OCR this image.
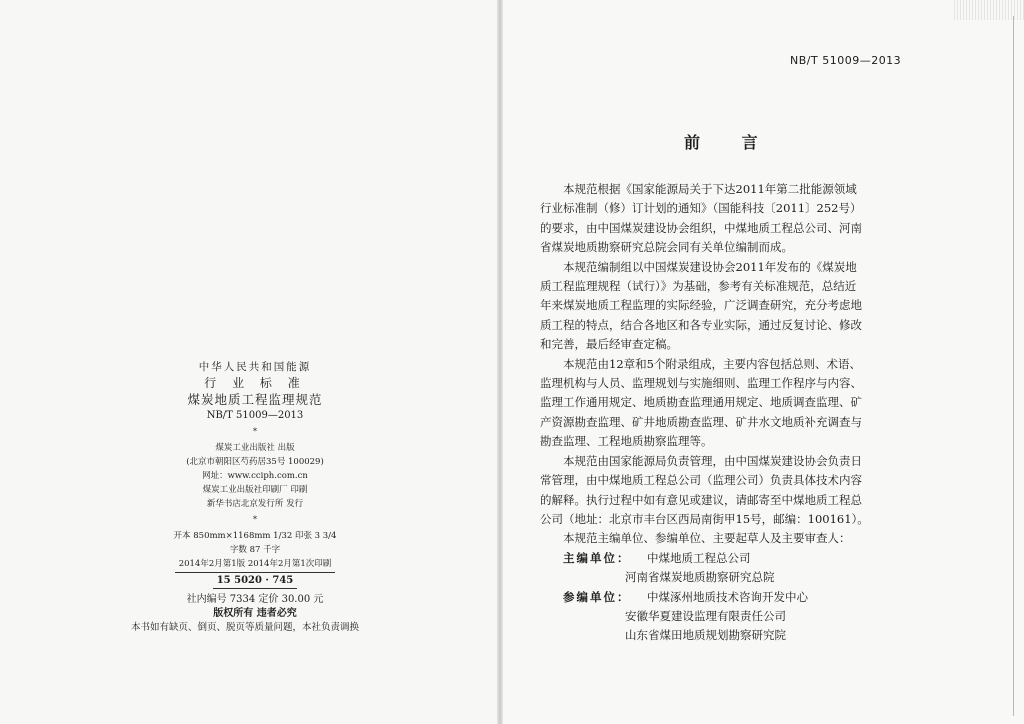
中华人民共和国能源
行 业 标 准
煤炭地质工程监理规范
NB/T 51009—2013
*
煤炭工业出版社 出版
(北京市朝阳区芍药居35号 100029)
网址：www.cciph.com.cn
煤炭工业出版社印刷厂 印刷
新华书店北京发行所 发行
*
开本 850mm×1168mm 1/32 印张 3 3/4
字数 87 千字
2014年2月第1版 2014年2月第1次印刷
15 5020 · 745
社内编号 7334 定价 30.00 元
版权所有 违者必究
本书如有缺页、倒页、脱页等质量问题，本社负责调换
NB/T 51009—2013
前 言
本规范根据《国家能源局关于下达2011年第二批能源领域
行业标准制（修）订计划的通知》（国能科技〔2011〕252号）
的要求，由中国煤炭建设协会组织，中煤地质工程总公司、河南
省煤炭地质勘察研究总院会同有关单位编制而成。
本规范编制组以中国煤炭建设协会2011年发布的《煤炭地
质工程监理规程（试行）》为基础，参考有关标准规范，总结近
年来煤炭地质工程监理的实际经验，广泛调查研究，充分考虑地
质工程的特点，结合各地区和各专业实际，通过反复讨论、修改
和完善，最后经审查定稿。
本规范由12章和5个附录组成，主要内容包括总则、术语、
监理机构与人员、监理规划与实施细则、监理工作程序与内容、
监理工作通用规定、地质勘查监理通用规定、地质调查监理、矿
产资源勘查监理、矿井地质勘查监理、矿井水文地质补充调查与
勘查监理、工程地质勘察监理等。
本规范由国家能源局负责管理，由中国煤炭建设协会负责日
常管理，由中煤地质工程总公司（监理公司）负责具体技术内容
的解释。执行过程中如有意见或建议，请邮寄至中煤地质工程总
公司（地址：北京市丰台区西局南街甲15号，邮编：100161）。
本规范主编单位、参编单位、主要起草人及主要审查人：
主编单位：	中煤地质工程总公司
河南省煤炭地质勘察研究总院
参编单位：	中煤涿州地质技术咨询开发中心
安徽华夏建设监理有限责任公司
山东省煤田地质规划勘察研究院
